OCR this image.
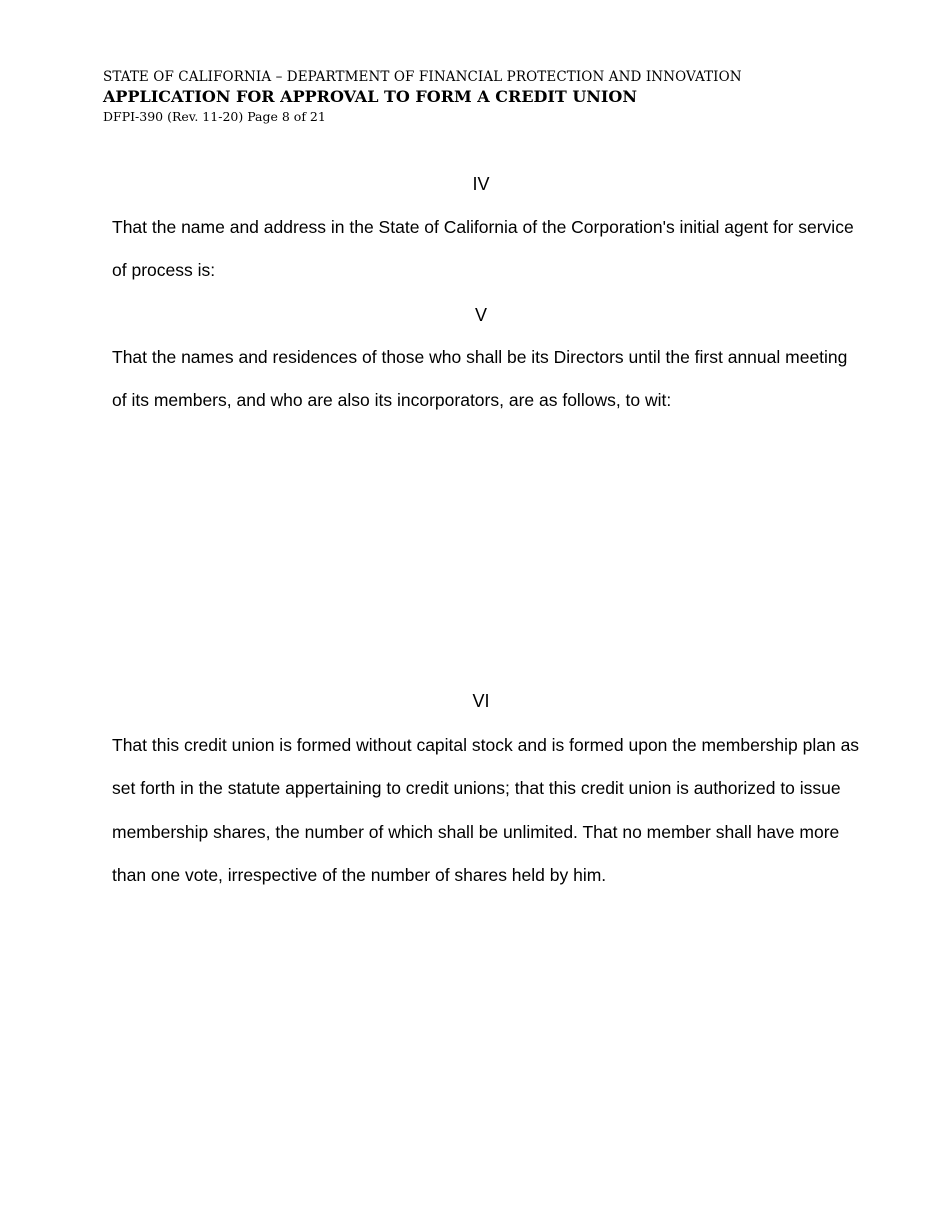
STATE OF CALIFORNIA – DEPARTMENT OF FINANCIAL PROTECTION AND INNOVATION
APPLICATION FOR APPROVAL TO FORM A CREDIT UNION
DFPI-390 (Rev. 11-20) Page 8 of 21
IV

That the name and address in the State of California of the Corporation's initial agent for service of process is:

V

That the names and residences of those who shall be its Directors until the first annual meeting of its members, and who are also its incorporators, are as follows, to wit:

VI

That this credit union is formed without capital stock and is formed upon the membership plan as set forth in the statute appertaining to credit unions; that this credit union is authorized to issue membership shares, the number of which shall be unlimited. That no member shall have more than one vote, irrespective of the number of shares held by him.
